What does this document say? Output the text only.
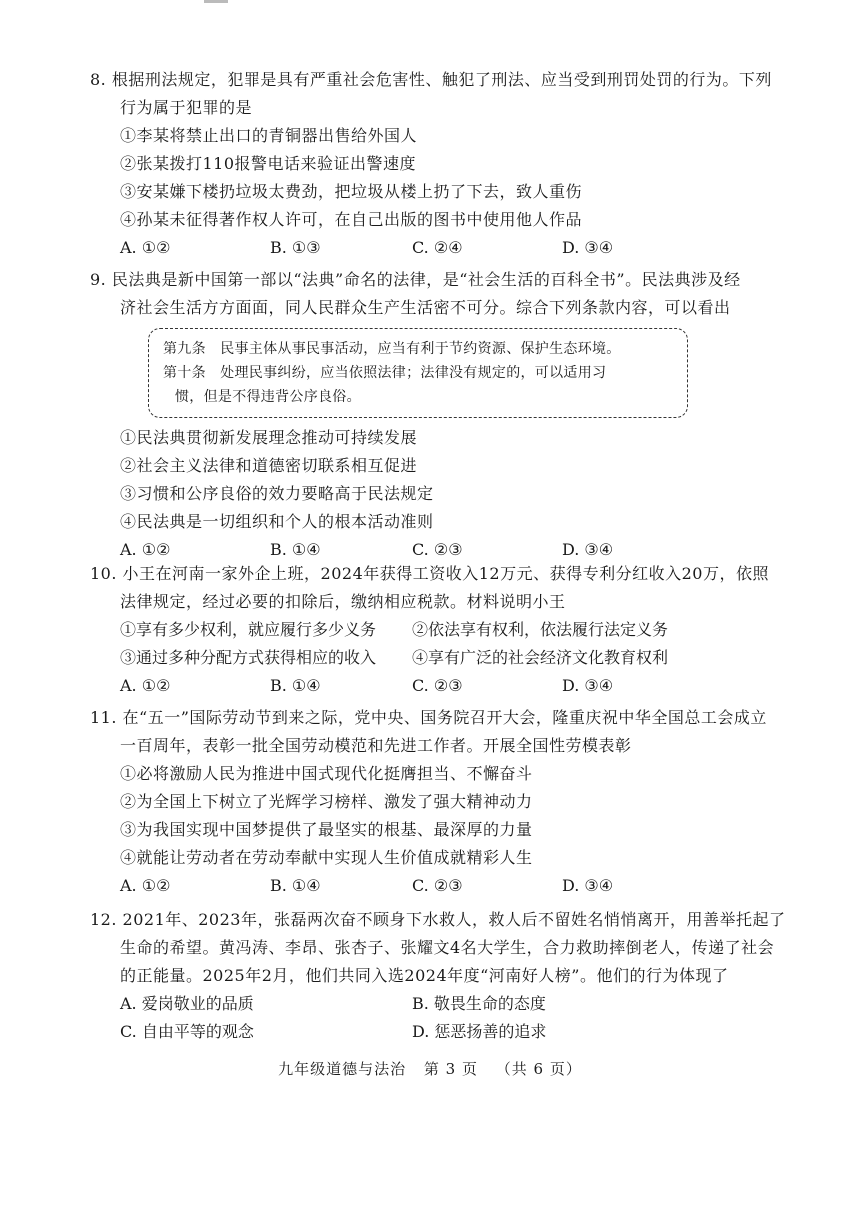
8. 根据刑法规定，犯罪是具有严重社会危害性、触犯了刑法、应当受到刑罚处罚的行为。下列
行为属于犯罪的是
①李某将禁止出口的青铜器出售给外国人
②张某拨打110报警电话来验证出警速度
③安某嫌下楼扔垃圾太费劲，把垃圾从楼上扔了下去，致人重伤
④孙某未征得著作权人许可，在自己出版的图书中使用他人作品
A. ①②	B. ①③	C. ②④	D. ③④
9. 民法典是新中国第一部以“法典”命名的法律，是“社会生活的百科全书”。民法典涉及经
济社会生活方方面面，同人民群众生产生活密不可分。综合下列条款内容，可以看出
第九条　民事主体从事民事活动，应当有利于节约资源、保护生态环境。
第十条　处理民事纠纷，应当依照法律；法律没有规定的，可以适用习
惯，但是不得违背公序良俗。
①民法典贯彻新发展理念推动可持续发展
②社会主义法律和道德密切联系相互促进
③习惯和公序良俗的效力要略高于民法规定
④民法典是一切组织和个人的根本活动准则
A. ①②	B. ①④	C. ②③	D. ③④
10. 小王在河南一家外企上班，2024年获得工资收入12万元、获得专利分红收入20万，依照
法律规定，经过必要的扣除后，缴纳相应税款。材料说明小王
①享有多少权利，就应履行多少义务 ②依法享有权利，依法履行法定义务
③通过多种分配方式获得相应的收入 ④享有广泛的社会经济文化教育权利
A. ①②	B. ①④	C. ②③	D. ③④
11. 在“五一”国际劳动节到来之际，党中央、国务院召开大会，隆重庆祝中华全国总工会成立
一百周年，表彰一批全国劳动模范和先进工作者。开展全国性劳模表彰
①必将激励人民为推进中国式现代化挺膺担当、不懈奋斗
②为全国上下树立了光辉学习榜样、激发了强大精神动力
③为我国实现中国梦提供了最坚实的根基、最深厚的力量
④就能让劳动者在劳动奉献中实现人生价值成就精彩人生
A. ①②	B. ①④	C. ②③	D. ③④
12. 2021年、2023年，张磊两次奋不顾身下水救人，救人后不留姓名悄悄离开，用善举托起了
生命的希望。黄冯涛、李昂、张杏子、张耀文4名大学生，合力救助摔倒老人，传递了社会
的正能量。2025年2月，他们共同入选2024年度“河南好人榜”。他们的行为体现了
A. 爱岗敬业的品质	B. 敬畏生命的态度
C. 自由平等的观念	D. 惩恶扬善的追求
九年级道德与法治 第 3 页 （共 6 页）
